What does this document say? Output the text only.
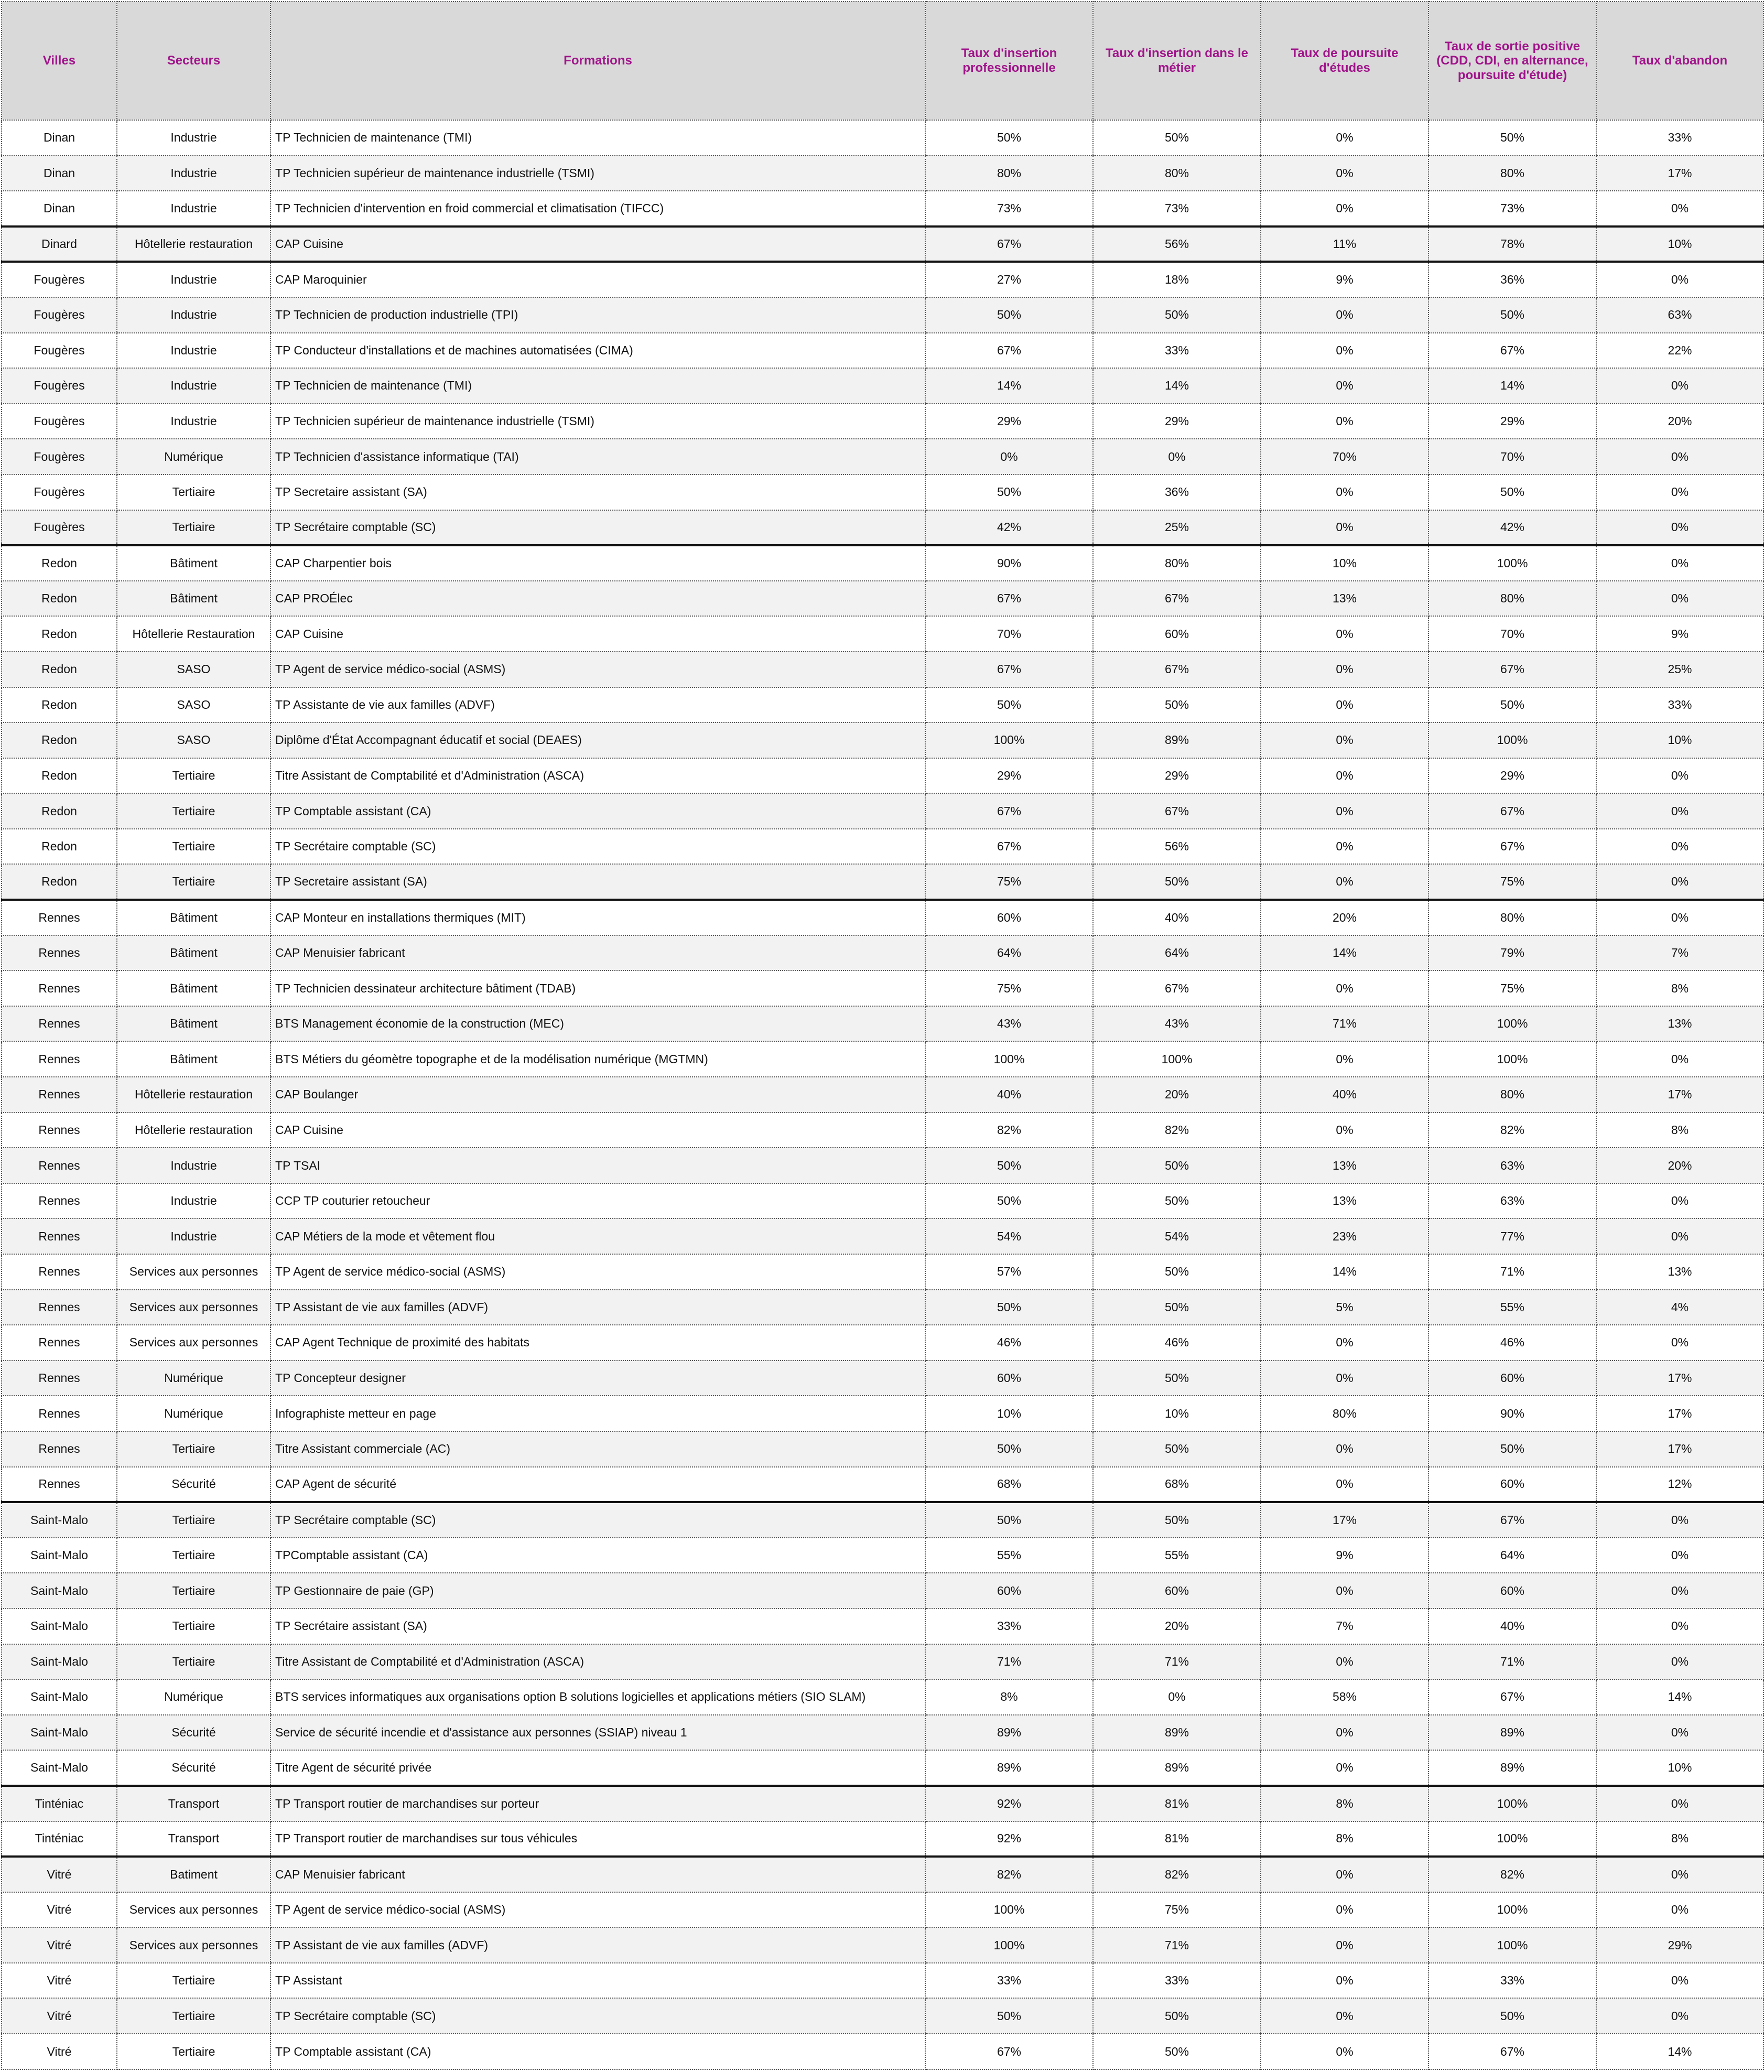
Villes	Secteurs	Formations	Taux d'insertion professionnelle	Taux d'insertion dans le métier	Taux de poursuite d'études	Taux de sortie positive (CDD, CDI, en alternance, poursuite d'étude)	Taux d'abandon
Dinan	Industrie	TP Technicien de maintenance (TMI)	50%	50%	0%	50%	33%
Dinan	Industrie	TP Technicien supérieur de maintenance industrielle (TSMI)	80%	80%	0%	80%	17%
Dinan	Industrie	TP Technicien d'intervention en froid commercial et climatisation (TIFCC)	73%	73%	0%	73%	0%
Dinard	Hôtellerie restauration	CAP Cuisine	67%	56%	11%	78%	10%
Fougères	Industrie	CAP Maroquinier	27%	18%	9%	36%	0%
Fougères	Industrie	TP Technicien de production industrielle (TPI)	50%	50%	0%	50%	63%
Fougères	Industrie	TP Conducteur d'installations et de machines automatisées (CIMA)	67%	33%	0%	67%	22%
Fougères	Industrie	TP Technicien de maintenance (TMI)	14%	14%	0%	14%	0%
Fougères	Industrie	TP Technicien supérieur de maintenance industrielle (TSMI)	29%	29%	0%	29%	20%
Fougères	Numérique	TP Technicien d'assistance informatique (TAI)	0%	0%	70%	70%	0%
Fougères	Tertiaire	TP Secretaire assistant (SA)	50%	36%	0%	50%	0%
Fougères	Tertiaire	TP Secrétaire comptable (SC)	42%	25%	0%	42%	0%
Redon	Bâtiment	CAP Charpentier bois	90%	80%	10%	100%	0%
Redon	Bâtiment	CAP PROÉlec	67%	67%	13%	80%	0%
Redon	Hôtellerie Restauration	CAP Cuisine	70%	60%	0%	70%	9%
Redon	SASO	TP Agent de service médico-social (ASMS)	67%	67%	0%	67%	25%
Redon	SASO	TP Assistante de vie aux familles (ADVF)	50%	50%	0%	50%	33%
Redon	SASO	Diplôme d'État Accompagnant éducatif et social (DEAES)	100%	89%	0%	100%	10%
Redon	Tertiaire	Titre Assistant de Comptabilité et d'Administration (ASCA)	29%	29%	0%	29%	0%
Redon	Tertiaire	TP Comptable assistant (CA)	67%	67%	0%	67%	0%
Redon	Tertiaire	TP Secrétaire comptable (SC)	67%	56%	0%	67%	0%
Redon	Tertiaire	TP Secretaire assistant (SA)	75%	50%	0%	75%	0%
Rennes	Bâtiment	CAP Monteur en installations thermiques (MIT)	60%	40%	20%	80%	0%
Rennes	Bâtiment	CAP Menuisier fabricant	64%	64%	14%	79%	7%
Rennes	Bâtiment	TP Technicien dessinateur architecture bâtiment (TDAB)	75%	67%	0%	75%	8%
Rennes	Bâtiment	BTS Management économie de la construction (MEC)	43%	43%	71%	100%	13%
Rennes	Bâtiment	BTS Métiers du géomètre topographe et de la modélisation numérique (MGTMN)	100%	100%	0%	100%	0%
Rennes	Hôtellerie restauration	CAP Boulanger	40%	20%	40%	80%	17%
Rennes	Hôtellerie restauration	CAP Cuisine	82%	82%	0%	82%	8%
Rennes	Industrie	TP TSAI	50%	50%	13%	63%	20%
Rennes	Industrie	CCP TP couturier retoucheur	50%	50%	13%	63%	0%
Rennes	Industrie	CAP Métiers de la mode et vêtement flou	54%	54%	23%	77%	0%
Rennes	Services aux personnes	TP Agent de service médico-social (ASMS)	57%	50%	14%	71%	13%
Rennes	Services aux personnes	TP Assistant de vie aux familles (ADVF)	50%	50%	5%	55%	4%
Rennes	Services aux personnes	CAP Agent Technique de proximité des habitats	46%	46%	0%	46%	0%
Rennes	Numérique	TP Concepteur designer	60%	50%	0%	60%	17%
Rennes	Numérique	Infographiste metteur en page	10%	10%	80%	90%	17%
Rennes	Tertiaire	Titre Assistant commerciale (AC)	50%	50%	0%	50%	17%
Rennes	Sécurité	CAP Agent de sécurité	68%	68%	0%	60%	12%
Saint-Malo	Tertiaire	TP Secrétaire comptable (SC)	50%	50%	17%	67%	0%
Saint-Malo	Tertiaire	TPComptable assistant (CA)	55%	55%	9%	64%	0%
Saint-Malo	Tertiaire	TP Gestionnaire de paie (GP)	60%	60%	0%	60%	0%
Saint-Malo	Tertiaire	TP Secrétaire assistant (SA)	33%	20%	7%	40%	0%
Saint-Malo	Tertiaire	Titre Assistant de Comptabilité et d'Administration (ASCA)	71%	71%	0%	71%	0%
Saint-Malo	Numérique	BTS services informatiques aux organisations option B solutions logicielles et applications métiers (SIO SLAM)	8%	0%	58%	67%	14%
Saint-Malo	Sécurité	Service de sécurité incendie et d'assistance aux personnes (SSIAP) niveau 1	89%	89%	0%	89%	0%
Saint-Malo	Sécurité	Titre Agent de sécurité privée	89%	89%	0%	89%	10%
Tinténiac	Transport	TP Transport routier de marchandises sur porteur	92%	81%	8%	100%	0%
Tinténiac	Transport	TP Transport routier de marchandises sur tous véhicules	92%	81%	8%	100%	8%
Vitré	Batiment	CAP Menuisier fabricant	82%	82%	0%	82%	0%
Vitré	Services aux personnes	TP Agent de service médico-social (ASMS)	100%	75%	0%	100%	0%
Vitré	Services aux personnes	TP Assistant de vie aux familles (ADVF)	100%	71%	0%	100%	29%
Vitré	Tertiaire	TP Assistant	33%	33%	0%	33%	0%
Vitré	Tertiaire	TP Secrétaire comptable (SC)	50%	50%	0%	50%	0%
Vitré	Tertiaire	TP Comptable assistant (CA)	67%	50%	0%	67%	14%
